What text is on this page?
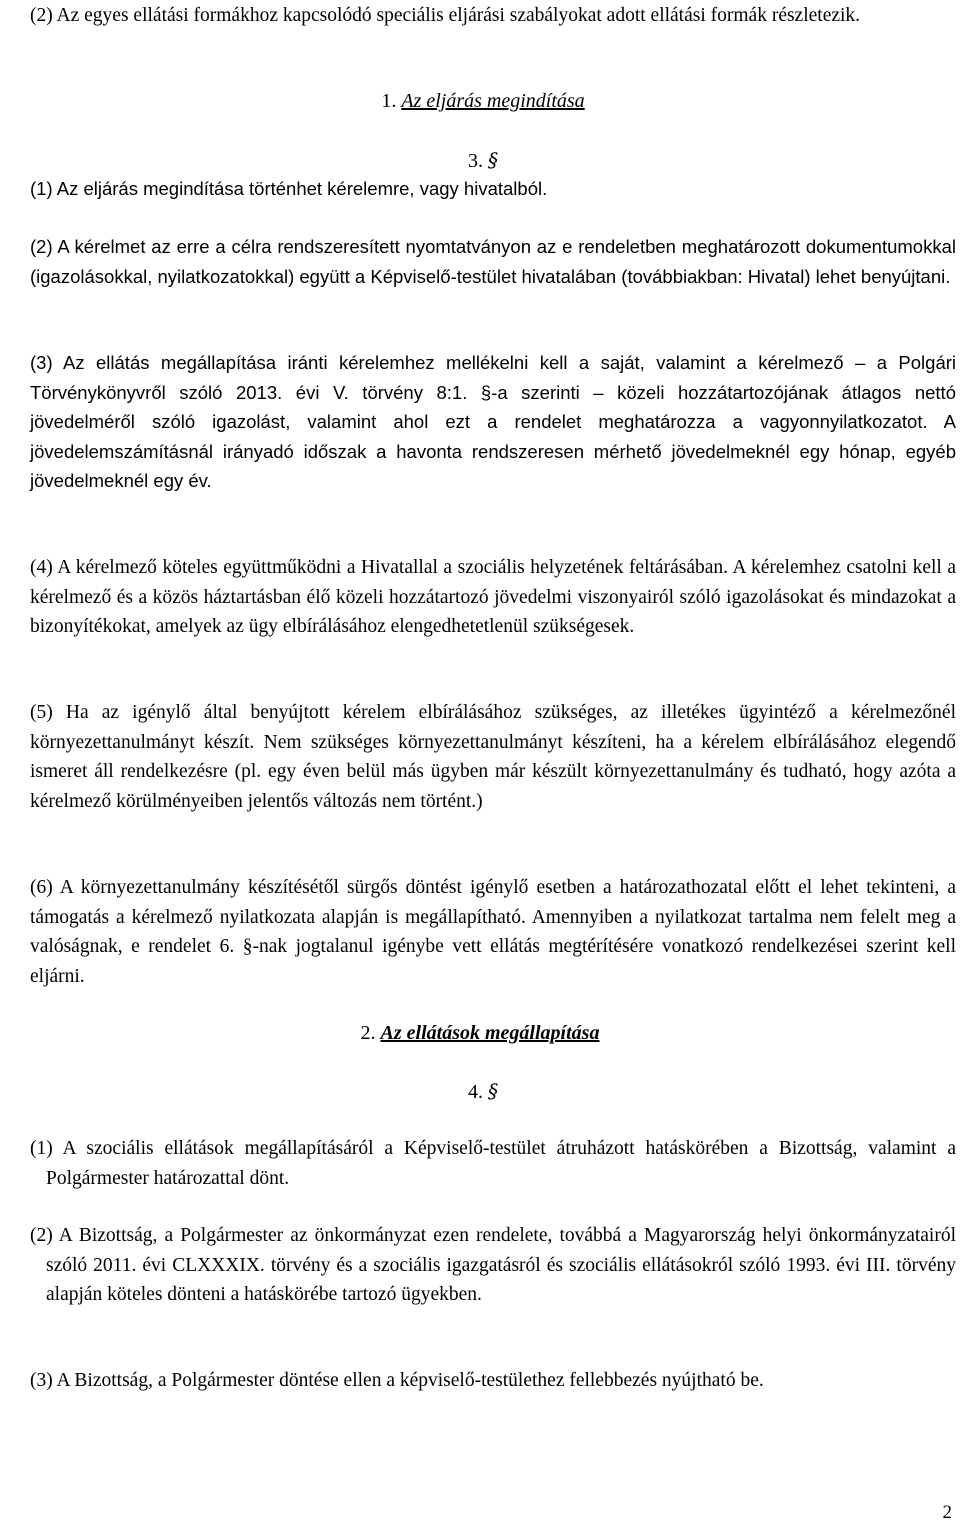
(2) Az egyes ellátási formákhoz kapcsolódó speciális eljárási szabályokat adott ellátási formák részletezik.
1. Az eljárás megindítása
3. §
(1) Az eljárás megindítása történhet kérelemre, vagy hivatalból.
(2) A kérelmet az erre a célra rendszeresített nyomtatványon az e rendeletben meghatározott dokumentumokkal (igazolásokkal, nyilatkozatokkal) együtt a Képviselő-testület hivatalában (továbbiakban: Hivatal) lehet benyújtani.
(3) Az ellátás megállapítása iránti kérelemhez mellékelni kell a saját, valamint a kérelmező – a Polgári Törvénykönyvről szóló 2013. évi V. törvény 8:1. §-a szerinti – közeli hozzátartozójának átlagos nettó jövedelméről szóló igazolást, valamint ahol ezt a rendelet meghatározza a vagyonnyilatkozatot. A jövedelemszámításnál irányadó időszak a havonta rendszeresen mérhető jövedelmeknél egy hónap, egyéb jövedelmeknél egy év.
(4) A kérelmező köteles együttműködni a Hivatallal a szociális helyzetének feltárásában. A kérelemhez csatolni kell a kérelmező és a közös háztartásban élő közeli hozzátartozó jövedelmi viszonyairól szóló igazolásokat és mindazokat a bizonyítékokat, amelyek az ügy elbírálásához elengedhetetlenül szükségesek.
(5) Ha az igénylő által benyújtott kérelem elbírálásához szükséges, az illetékes ügyintéző a kérelmezőnél környezettanulmányt készít. Nem szükséges környezettanulmányt készíteni, ha a kérelem elbírálásához elegendő ismeret áll rendelkezésre (pl. egy éven belül más ügyben már készült környezettanulmány és tudható, hogy azóta a kérelmező körülményeiben jelentős változás nem történt.)
(6) A környezettanulmány készítésétől sürgős döntést igénylő esetben a határozathozatal előtt el lehet tekinteni, a támogatás a kérelmező nyilatkozata alapján is megállapítható. Amennyiben a nyilatkozat tartalma nem felelt meg a valóságnak, e rendelet 6. §-nak jogtalanul igénybe vett ellátás megtérítésére vonatkozó rendelkezései szerint kell eljárni.
2. Az ellátások megállapítása
4. §
(1) A szociális ellátások megállapításáról a Képviselő-testület átruházott hatáskörében a Bizottság, valamint a Polgármester határozattal dönt.
(2) A Bizottság, a Polgármester az önkormányzat ezen rendelete, továbbá a Magyarország helyi önkormányzatairól szóló 2011. évi CLXXXIX. törvény és a szociális igazgatásról és szociális ellátásokról szóló 1993. évi III. törvény alapján köteles dönteni a hatáskörébe tartozó ügyekben.
(3) A Bizottság, a Polgármester döntése ellen a képviselő-testülethez fellebbezés nyújtható be.
2
